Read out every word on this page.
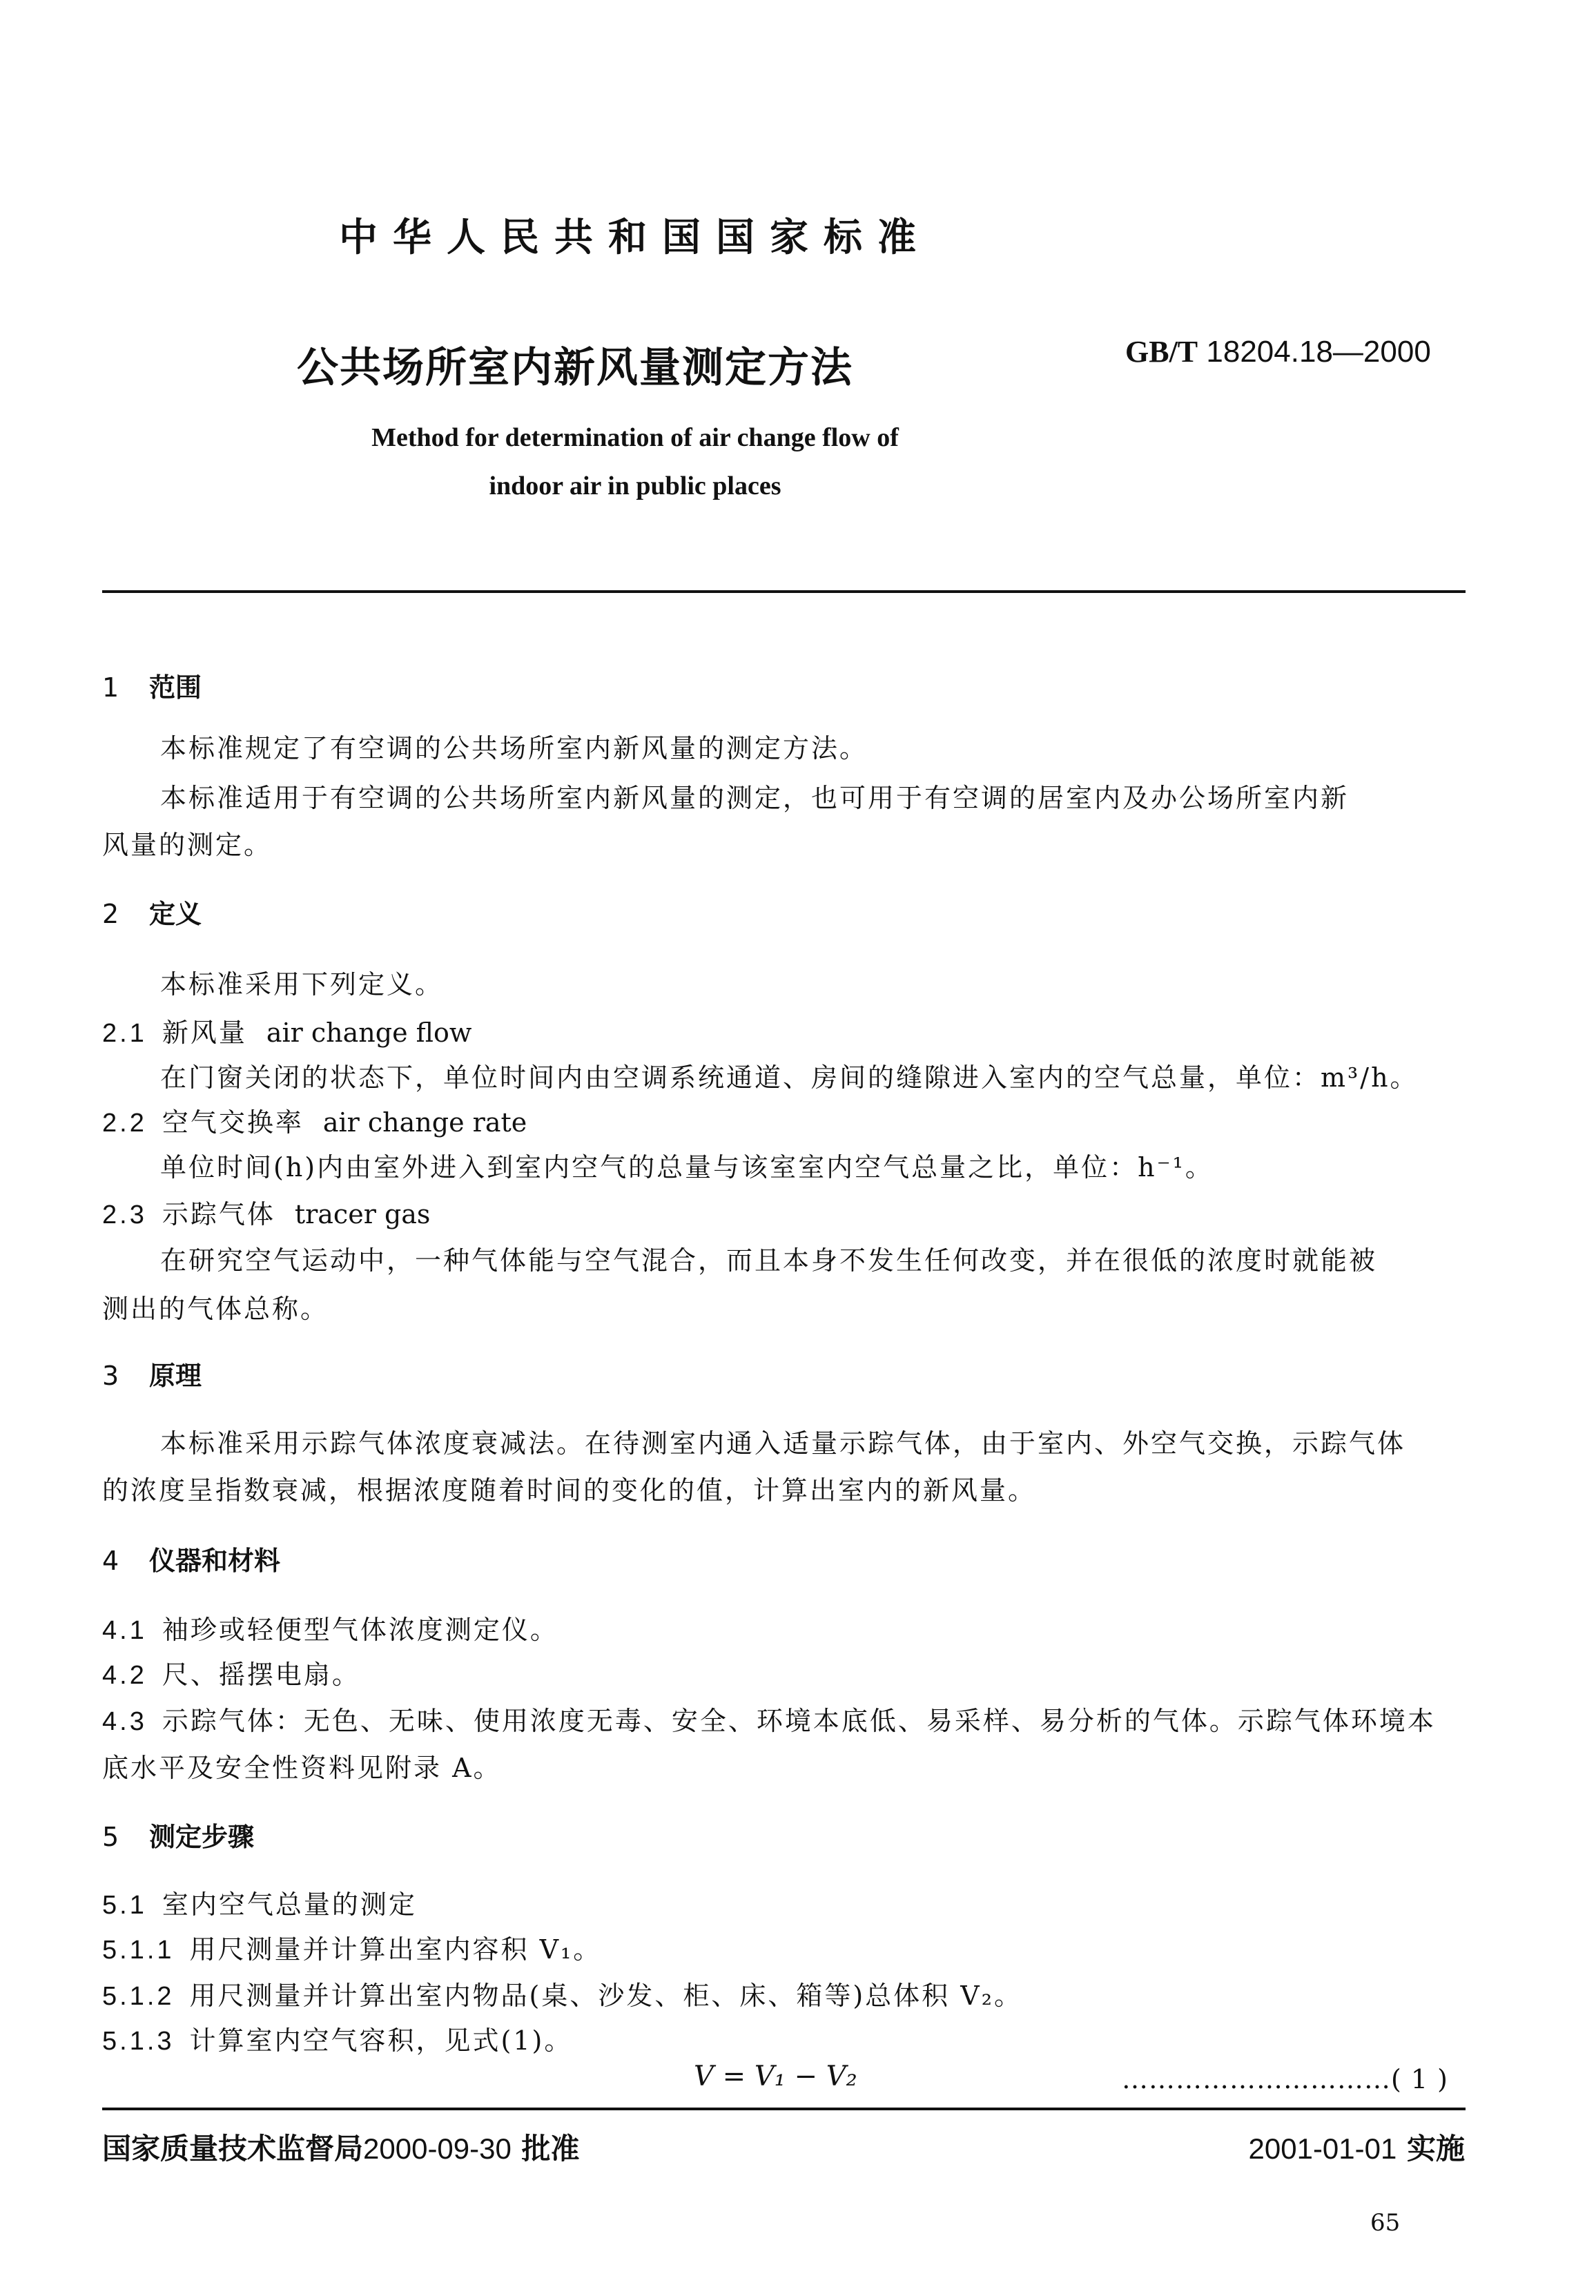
中华人民共和国国家标准
公共场所室内新风量测定方法	GB/T 18204.18—2000
Method for determination of air change flow of
indoor air in public places
1 范围
本标准规定了有空调的公共场所室内新风量的测定方法。
本标准适用于有空调的公共场所室内新风量的测定，也可用于有空调的居室内及办公场所室内新
风量的测定。
2 定义
本标准采用下列定义。
2.1 新风量 air change flow
在门窗关闭的状态下，单位时间内由空调系统通道、房间的缝隙进入室内的空气总量，单位：m³/h。
2.2 空气交换率 air change rate
单位时间(h)内由室外进入到室内空气的总量与该室室内空气总量之比，单位：h⁻¹。
2.3 示踪气体 tracer gas
在研究空气运动中，一种气体能与空气混合，而且本身不发生任何改变，并在很低的浓度时就能被
测出的气体总称。
3 原理
本标准采用示踪气体浓度衰减法。在待测室内通入适量示踪气体，由于室内、外空气交换，示踪气体
的浓度呈指数衰减，根据浓度随着时间的变化的值，计算出室内的新风量。
4 仪器和材料
4.1 袖珍或轻便型气体浓度测定仪。
4.2 尺、摇摆电扇。
4.3 示踪气体：无色、无味、使用浓度无毒、安全、环境本底低、易采样、易分析的气体。示踪气体环境本
底水平及安全性资料见附录 A。
5 测定步骤
5.1 室内空气总量的测定
5.1.1 用尺测量并计算出室内容积 V₁。
5.1.2 用尺测量并计算出室内物品(桌、沙发、柜、床、箱等)总体积 V₂。
5.1.3 计算室内空气容积，见式(1)。
V = V₁ − V₂	…………………………( 1 )
国家质量技术监督局2000-09-30 批准	2001-01-01 实施
65
